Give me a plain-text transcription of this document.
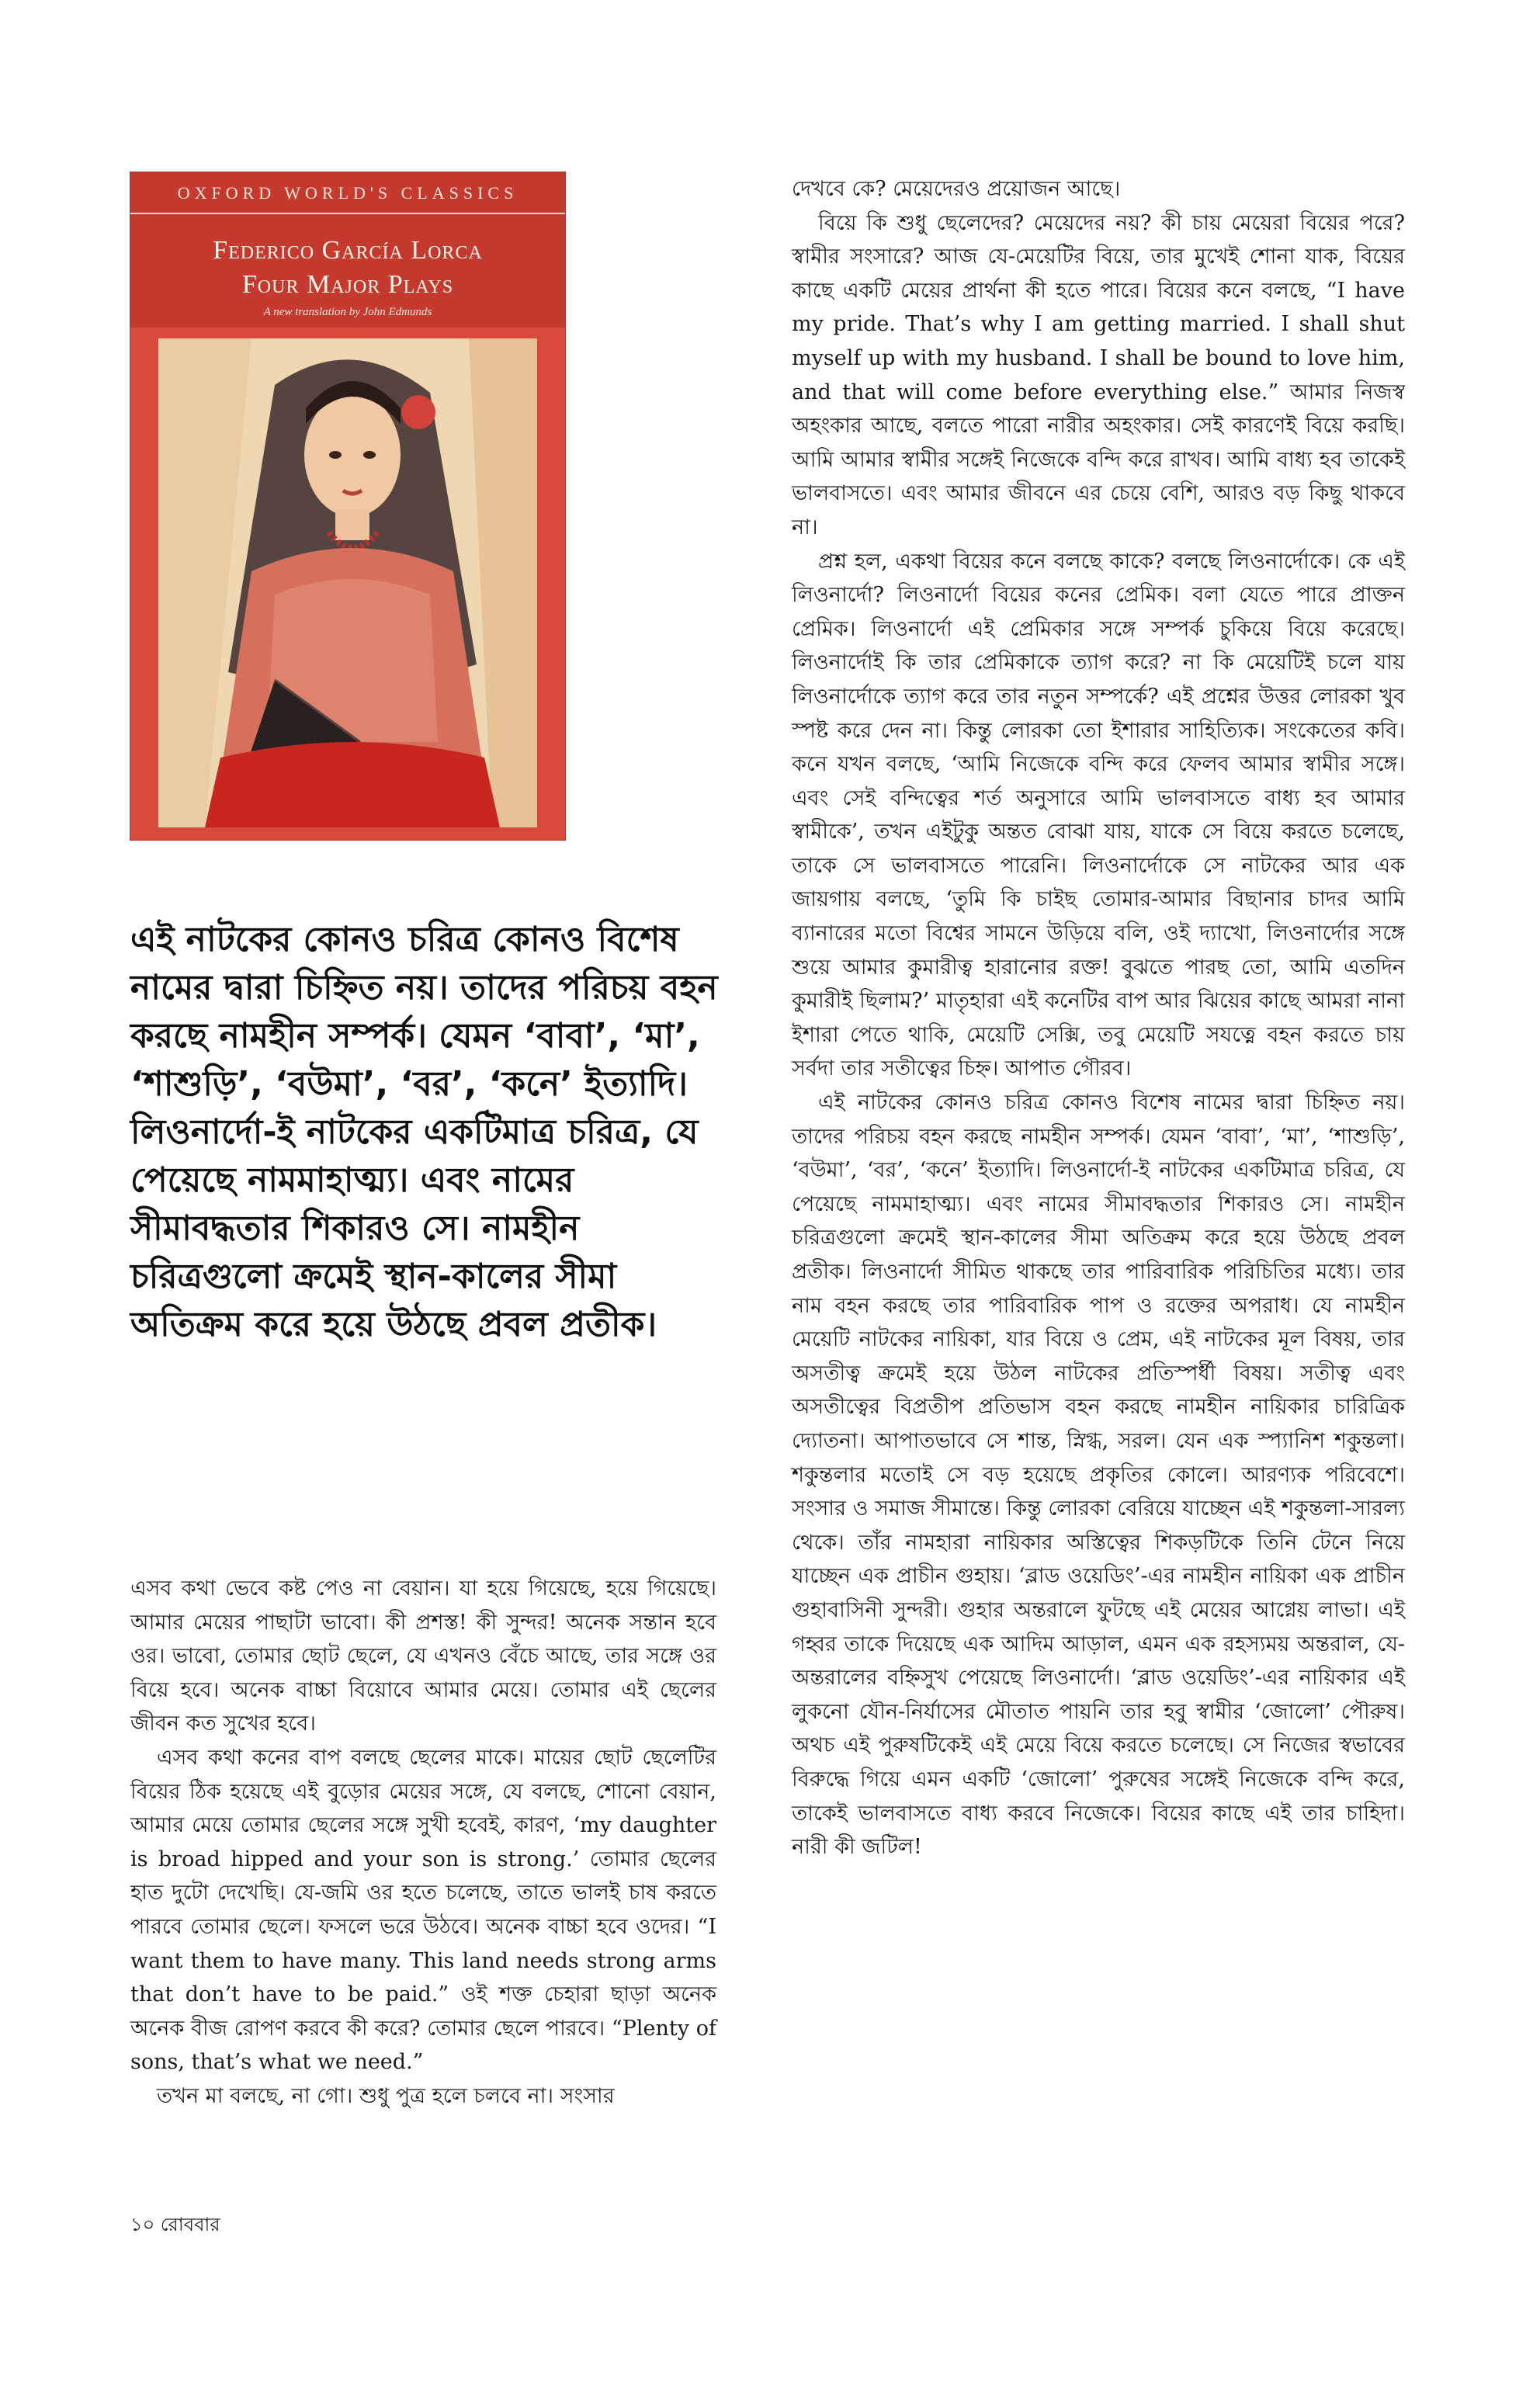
OXFORD WORLD'S CLASSICS
Federico García Lorca
Four Major Plays
A new translation by John Edmunds
এই নাটকের কোনও চরিত্র কোনও বিশেষ নামের দ্বারা চিহ্নিত নয়। তাদের পরিচয় বহন করছে নামহীন সম্পর্ক। যেমন ‘বাবা’, ‘মা’, ‘শাশুড়ি’, ‘বউমা’, ‘বর’, ‘কনে’ ইত্যাদি। লিওনার্দো-ই নাটকের একটিমাত্র চরিত্র, যে পেয়েছে নামমাহাত্ম্য। এবং নামের সীমাবদ্ধতার শিকারও সে। নামহীন চরিত্রগুলো ক্রমেই স্থান-কালের সীমা অতিক্রম করে হয়ে উঠছে প্রবল প্রতীক।

এসব কথা ভেবে কষ্ট পেও না বেয়ান। যা হয়ে গিয়েছে, হয়ে গিয়েছে। আমার মেয়ের পাছাটা ভাবো। কী প্রশস্ত! কী সুন্দর! অনেক সন্তান হবে ওর। ভাবো, তোমার ছোট ছেলে, যে এখনও বেঁচে আছে, তার সঙ্গে ওর বিয়ে হবে। অনেক বাচ্চা বিয়োবে আমার মেয়ে। তোমার এই ছেলের জীবন কত সুখের হবে।

এসব কথা কনের বাপ বলছে ছেলের মাকে। মায়ের ছোট ছেলেটির বিয়ের ঠিক হয়েছে এই বুড়োর মেয়ের সঙ্গে, যে বলছে, শোনো বেয়ান, আমার মেয়ে তোমার ছেলের সঙ্গে সুখী হবেই, কারণ, ‘my daughter is broad hipped and your son is strong.’ তোমার ছেলের হাত দুটো দেখেছি। যে-জমি ওর হতে চলেছে, তাতে ভালই চাষ করতে পারবে তোমার ছেলে। ফসলে ভরে উঠবে। অনেক বাচ্চা হবে ওদের। “I want them to have many. This land needs strong arms that don’t have to be paid.” ওই শক্ত চেহারা ছাড়া অনেক অনেক বীজ রোপণ করবে কী করে? তোমার ছেলে পারবে। “Plenty of sons, that’s what we need.”

তখন মা বলছে, না গো। শুধু পুত্র হলে চলবে না। সংসার

দেখবে কে? মেয়েদেরও প্রয়োজন আছে।

বিয়ে কি শুধু ছেলেদের? মেয়েদের নয়? কী চায় মেয়েরা বিয়ের পরে? স্বামীর সংসারে? আজ যে-মেয়েটির বিয়ে, তার মুখেই শোনা যাক, বিয়ের কাছে একটি মেয়ের প্রার্থনা কী হতে পারে। বিয়ের কনে বলছে, “I have my pride. That’s why I am getting married. I shall shut myself up with my husband. I shall be bound to love him, and that will come before everything else.” আমার নিজস্ব অহংকার আছে, বলতে পারো নারীর অহংকার। সেই কারণেই বিয়ে করছি। আমি আমার স্বামীর সঙ্গেই নিজেকে বন্দি করে রাখব। আমি বাধ্য হব তাকেই ভালবাসতে। এবং আমার জীবনে এর চেয়ে বেশি, আরও বড় কিছু থাকবে না।

প্রশ্ন হল, একথা বিয়ের কনে বলছে কাকে? বলছে লিওনার্দোকে। কে এই লিওনার্দো? লিওনার্দো বিয়ের কনের প্রেমিক। বলা যেতে পারে প্রাক্তন প্রেমিক। লিওনার্দো এই প্রেমিকার সঙ্গে সম্পর্ক চুকিয়ে বিয়ে করেছে। লিওনার্দোই কি তার প্রেমিকাকে ত্যাগ করে? না কি মেয়েটিই চলে যায় লিওনার্দোকে ত্যাগ করে তার নতুন সম্পর্কে? এই প্রশ্নের উত্তর লোরকা খুব স্পষ্ট করে দেন না। কিন্তু লোরকা তো ইশারার সাহিত্যিক। সংকেতের কবি। কনে যখন বলছে, ‘আমি নিজেকে বন্দি করে ফেলব আমার স্বামীর সঙ্গে। এবং সেই বন্দিত্বের শর্ত অনুসারে আমি ভালবাসতে বাধ্য হব আমার স্বামীকে’, তখন এইটুকু অন্তত বোঝা যায়, যাকে সে বিয়ে করতে চলেছে, তাকে সে ভালবাসতে পারেনি। লিওনার্দোকে সে নাটকের আর এক জায়গায় বলছে, ‘তুমি কি চাইছ তোমার-আমার বিছানার চাদর আমি ব্যানারের মতো বিশ্বের সামনে উড়িয়ে বলি, ওই দ্যাখো, লিওনার্দোর সঙ্গে শুয়ে আমার কুমারীত্ব হারানোর রক্ত! বুঝতে পারছ তো, আমি এতদিন কুমারীই ছিলাম?’ মাতৃহারা এই কনেটির বাপ আর ঝিয়ের কাছে আমরা নানা ইশারা পেতে থাকি, মেয়েটি সেক্সি, তবু মেয়েটি সযত্নে বহন করতে চায় সর্বদা তার সতীত্বের চিহ্ন। আপাত গৌরব।

এই নাটকের কোনও চরিত্র কোনও বিশেষ নামের দ্বারা চিহ্নিত নয়। তাদের পরিচয় বহন করছে নামহীন সম্পর্ক। যেমন ‘বাবা’, ‘মা’, ‘শাশুড়ি’, ‘বউমা’, ‘বর’, ‘কনে’ ইত্যাদি। লিওনার্দো-ই নাটকের একটিমাত্র চরিত্র, যে পেয়েছে নামমাহাত্ম্য। এবং নামের সীমাবদ্ধতার শিকারও সে। নামহীন চরিত্রগুলো ক্রমেই স্থান-কালের সীমা অতিক্রম করে হয়ে উঠছে প্রবল প্রতীক। লিওনার্দো সীমিত থাকছে তার পারিবারিক পরিচিতির মধ্যে। তার নাম বহন করছে তার পারিবারিক পাপ ও রক্তের অপরাধ। যে নামহীন মেয়েটি নাটকের নায়িকা, যার বিয়ে ও প্রেম, এই নাটকের মূল বিষয়, তার অসতীত্ব ক্রমেই হয়ে উঠল নাটকের প্রতিস্পর্ধী বিষয়। সতীত্ব এবং অসতীত্বের বিপ্রতীপ প্রতিভাস বহন করছে নামহীন নায়িকার চারিত্রিক দ্যোতনা। আপাতভাবে সে শান্ত, স্নিগ্ধ, সরল। যেন এক স্প্যানিশ শকুন্তলা। শকুন্তলার মতোই সে বড় হয়েছে প্রকৃতির কোলে। আরণ্যক পরিবেশে। সংসার ও সমাজ সীমান্তে। কিন্তু লোরকা বেরিয়ে যাচ্ছেন এই শকুন্তলা-সারল্য থেকে। তাঁর নামহারা নায়িকার অস্তিত্বের শিকড়টিকে তিনি টেনে নিয়ে যাচ্ছেন এক প্রাচীন গুহায়। ‘ব্লাড ওয়েডিং’-এর নামহীন নায়িকা এক প্রাচীন গুহাবাসিনী সুন্দরী। গুহার অন্তরালে ফুটছে এই মেয়ের আগ্নেয় লাভা। এই গহ্বর তাকে দিয়েছে এক আদিম আড়াল, এমন এক রহস্যময় অন্তরাল, যে-অন্তরালের বহ্নিসুখ পেয়েছে লিওনার্দো। ‘ব্লাড ওয়েডিং’-এর নায়িকার এই লুকনো যৌন-নির্যাসের মৌতাত পায়নি তার হবু স্বামীর ‘জোলো’ পৌরুষ। অথচ এই পুরুষটিকেই এই মেয়ে বিয়ে করতে চলেছে। সে নিজের স্বভাবের বিরুদ্ধে গিয়ে এমন একটি ‘জোলো’ পুরুষের সঙ্গেই নিজেকে বন্দি করে, তাকেই ভালবাসতে বাধ্য করবে নিজেকে। বিয়ের কাছে এই তার চাহিদা। নারী কী জটিল!

১০ রোববার
